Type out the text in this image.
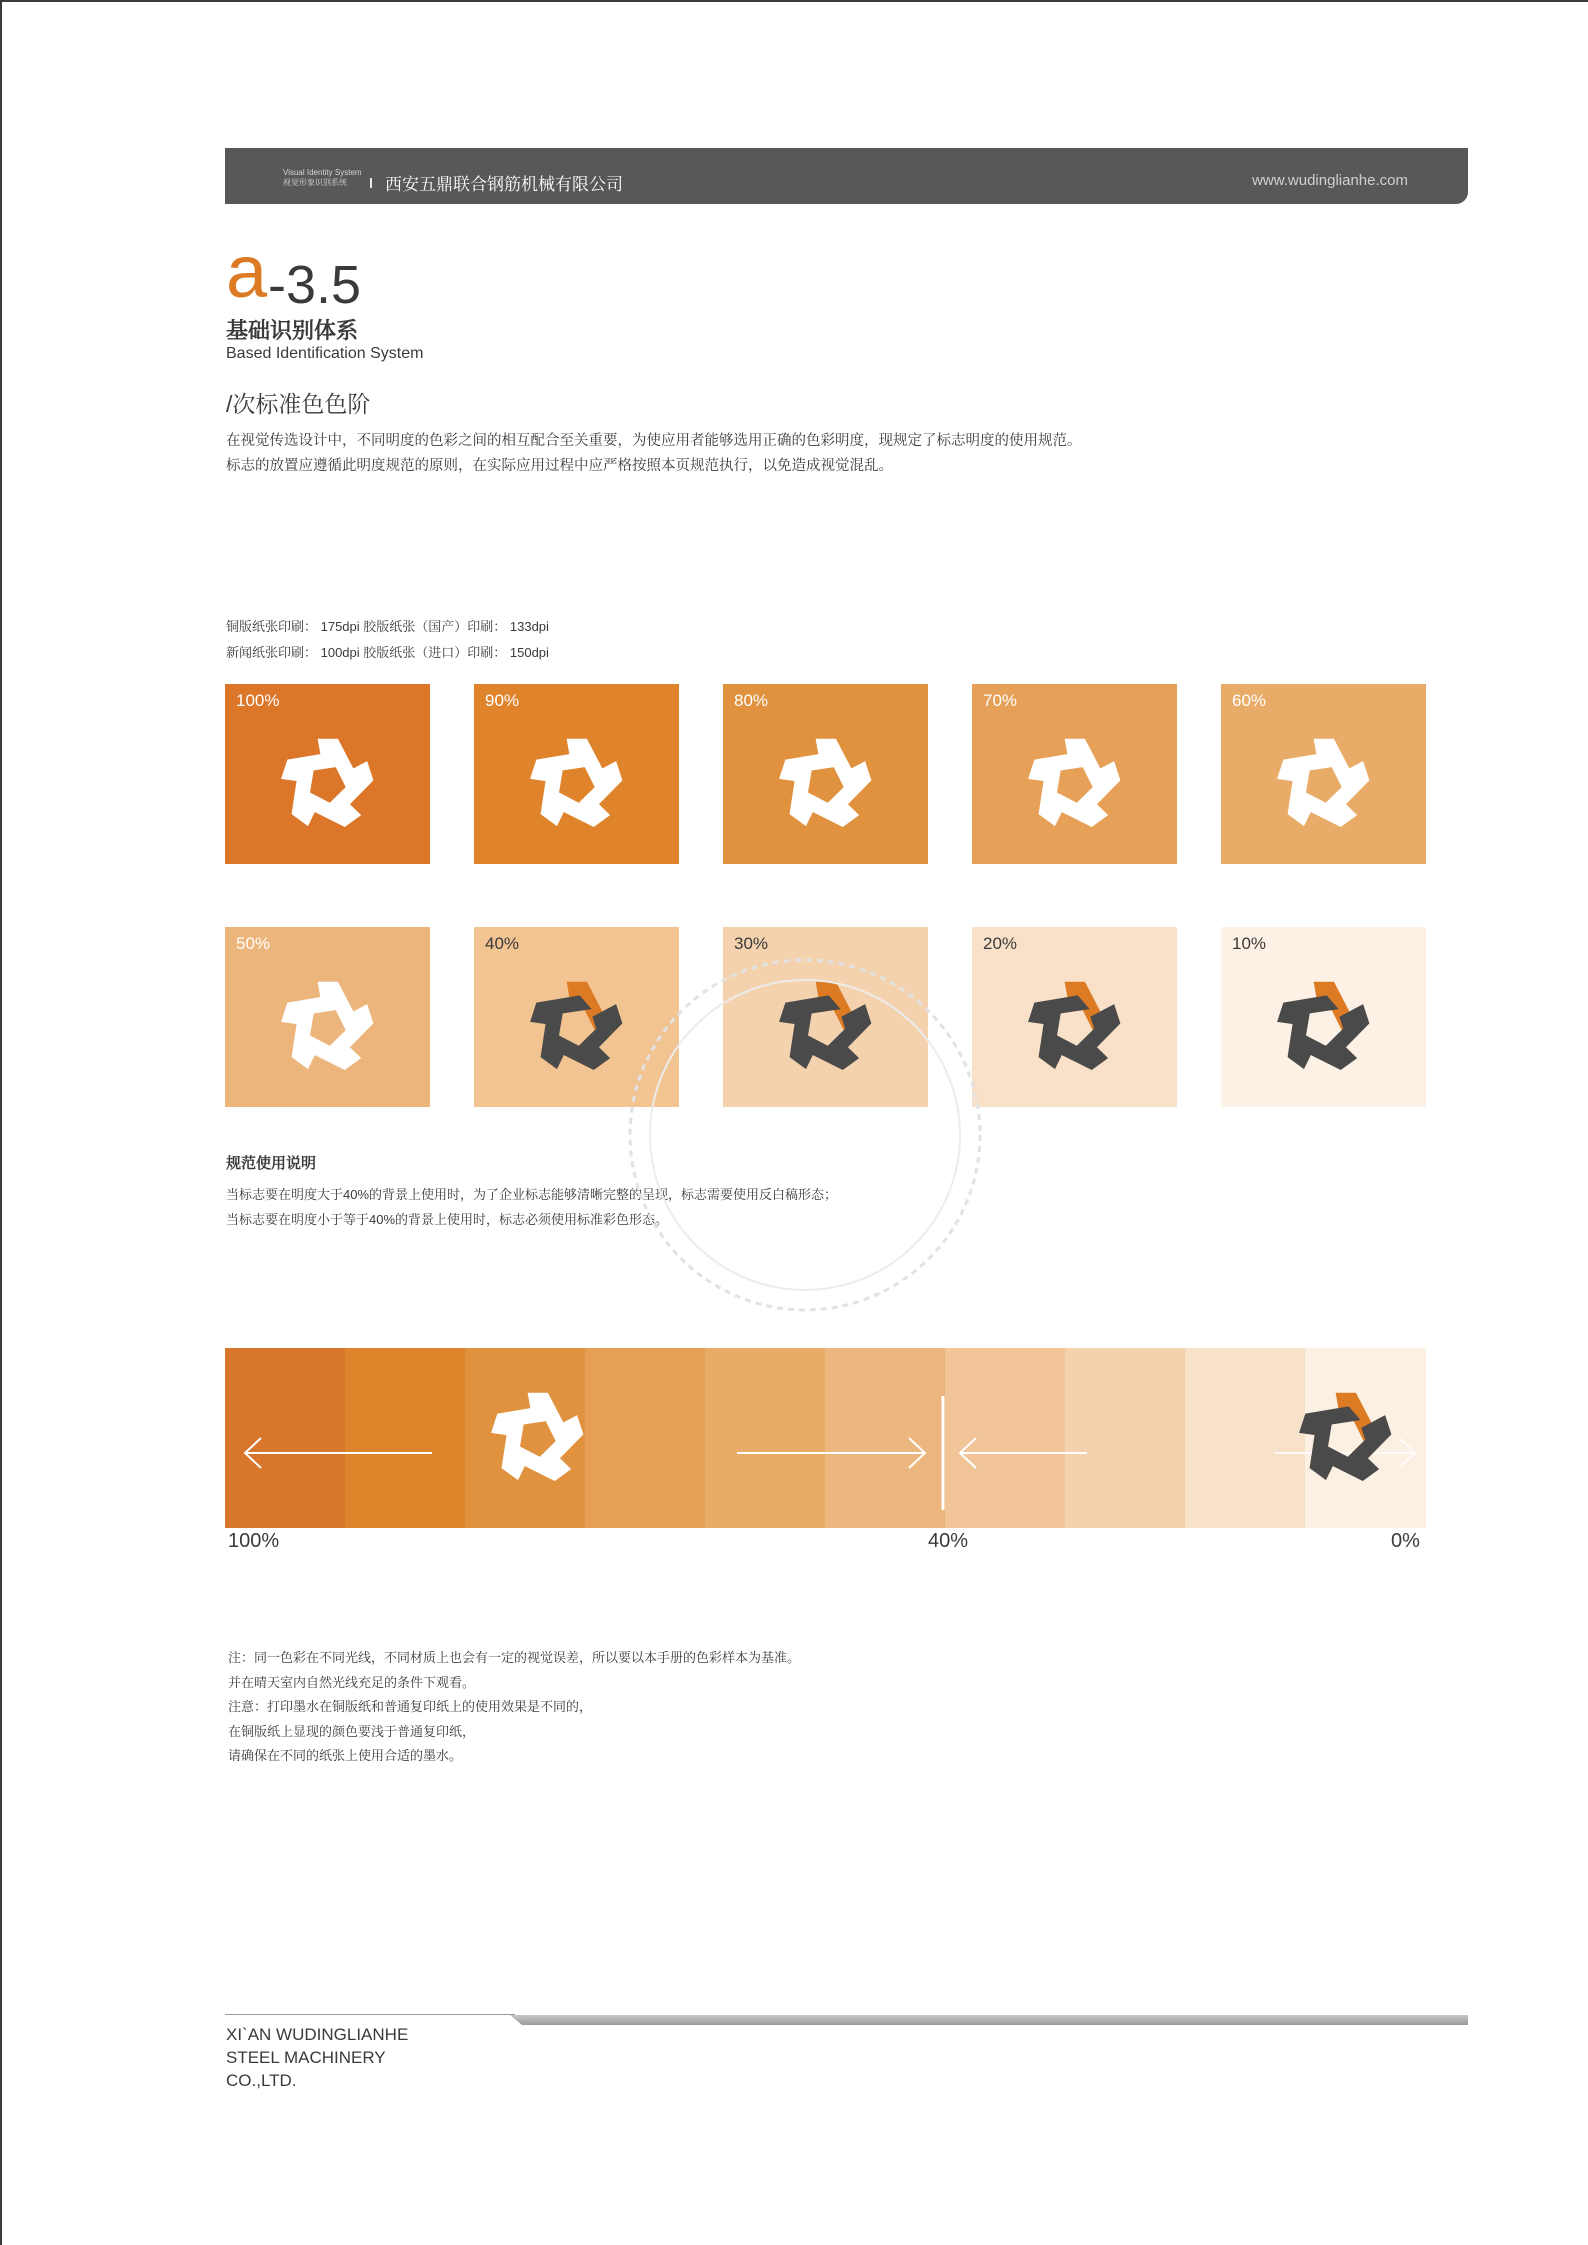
Visual Identity System
视觉形象识别系统	西安五鼎联合钢筋机械有限公司	www.wudinglianhe.com
a -3.5
基础识别体系
Based Identification System
/次标准色色阶
在视觉传选设计中，不同明度的色彩之间的相互配合至关重要，为使应用者能够选用正确的色彩明度，现规定了标志明度的使用规范。
标志的放置应遵循此明度规范的原则，在实际应用过程中应严格按照本页规范执行，以免造成视觉混乱。
铜版纸张印刷： 175dpi 胶版纸张（国产）印刷： 133dpi
新闻纸张印刷： 100dpi 胶版纸张（进口）印刷： 150dpi
100%	90%	80%	70%	60%
50%	40%	30%	20%	10%
规范使用说明
当标志要在明度大于40%的背景上使用时，为了企业标志能够清晰完整的呈现，标志需要使用反白稿形态；
当标志要在明度小于等于40%的背景上使用时，标志必须使用标准彩色形态。
100%	40%	0%
注：同一色彩在不同光线，不同材质上也会有一定的视觉误差，所以要以本手册的色彩样本为基准。
并在晴天室内自然光线充足的条件下观看。
注意：打印墨水在铜版纸和普通复印纸上的使用效果是不同的，
在铜版纸上显现的颜色要浅于普通复印纸，
请确保在不同的纸张上使用合适的墨水。
XI`AN WUDINGLIANHE
STEEL MACHINERY
CO.,LTD.
